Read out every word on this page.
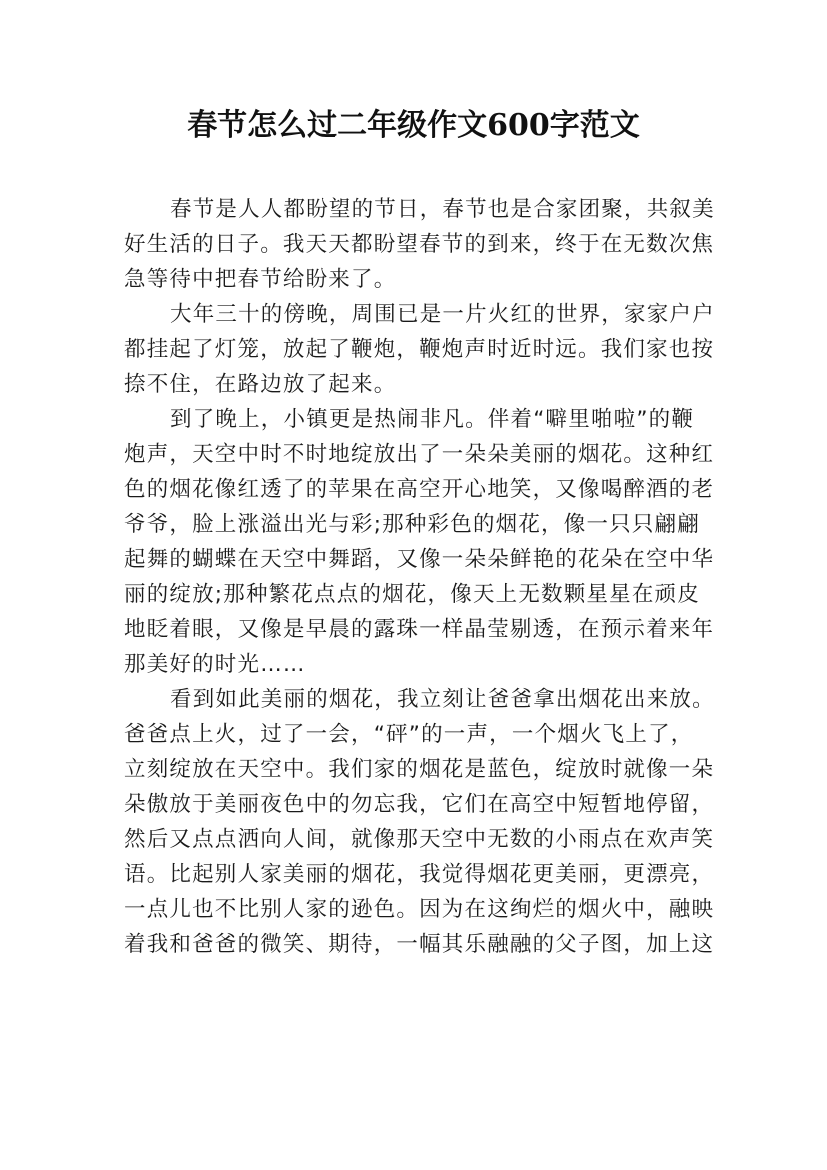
春节怎么过二年级作文600字范文
春节是人人都盼望的节日，春节也是合家团聚，共叙美
好生活的日子。我天天都盼望春节的到来，终于在无数次焦
急等待中把春节给盼来了。
大年三十的傍晚，周围已是一片火红的世界，家家户户
都挂起了灯笼，放起了鞭炮，鞭炮声时近时远。我们家也按
捺不住，在路边放了起来。
到了晚上，小镇更是热闹非凡。伴着“噼里啪啦”的鞭
炮声，天空中时不时地绽放出了一朵朵美丽的烟花。这种红
色的烟花像红透了的苹果在高空开心地笑，又像喝醉酒的老
爷爷，脸上涨溢出光与彩;那种彩色的烟花，像一只只翩翩
起舞的蝴蝶在天空中舞蹈，又像一朵朵鲜艳的花朵在空中华
丽的绽放;那种繁花点点的烟花，像天上无数颗星星在顽皮
地眨着眼，又像是早晨的露珠一样晶莹剔透，在预示着来年
那美好的时光……
看到如此美丽的烟花，我立刻让爸爸拿出烟花出来放。
爸爸点上火，过了一会，“砰”的一声，一个烟火飞上了，
立刻绽放在天空中。我们家的烟花是蓝色，绽放时就像一朵
朵傲放于美丽夜色中的勿忘我，它们在高空中短暂地停留，
然后又点点洒向人间，就像那天空中无数的小雨点在欢声笑
语。比起别人家美丽的烟花，我觉得烟花更美丽，更漂亮，
一点儿也不比别人家的逊色。因为在这绚烂的烟火中，融映
着我和爸爸的微笑、期待，一幅其乐融融的父子图，加上这
